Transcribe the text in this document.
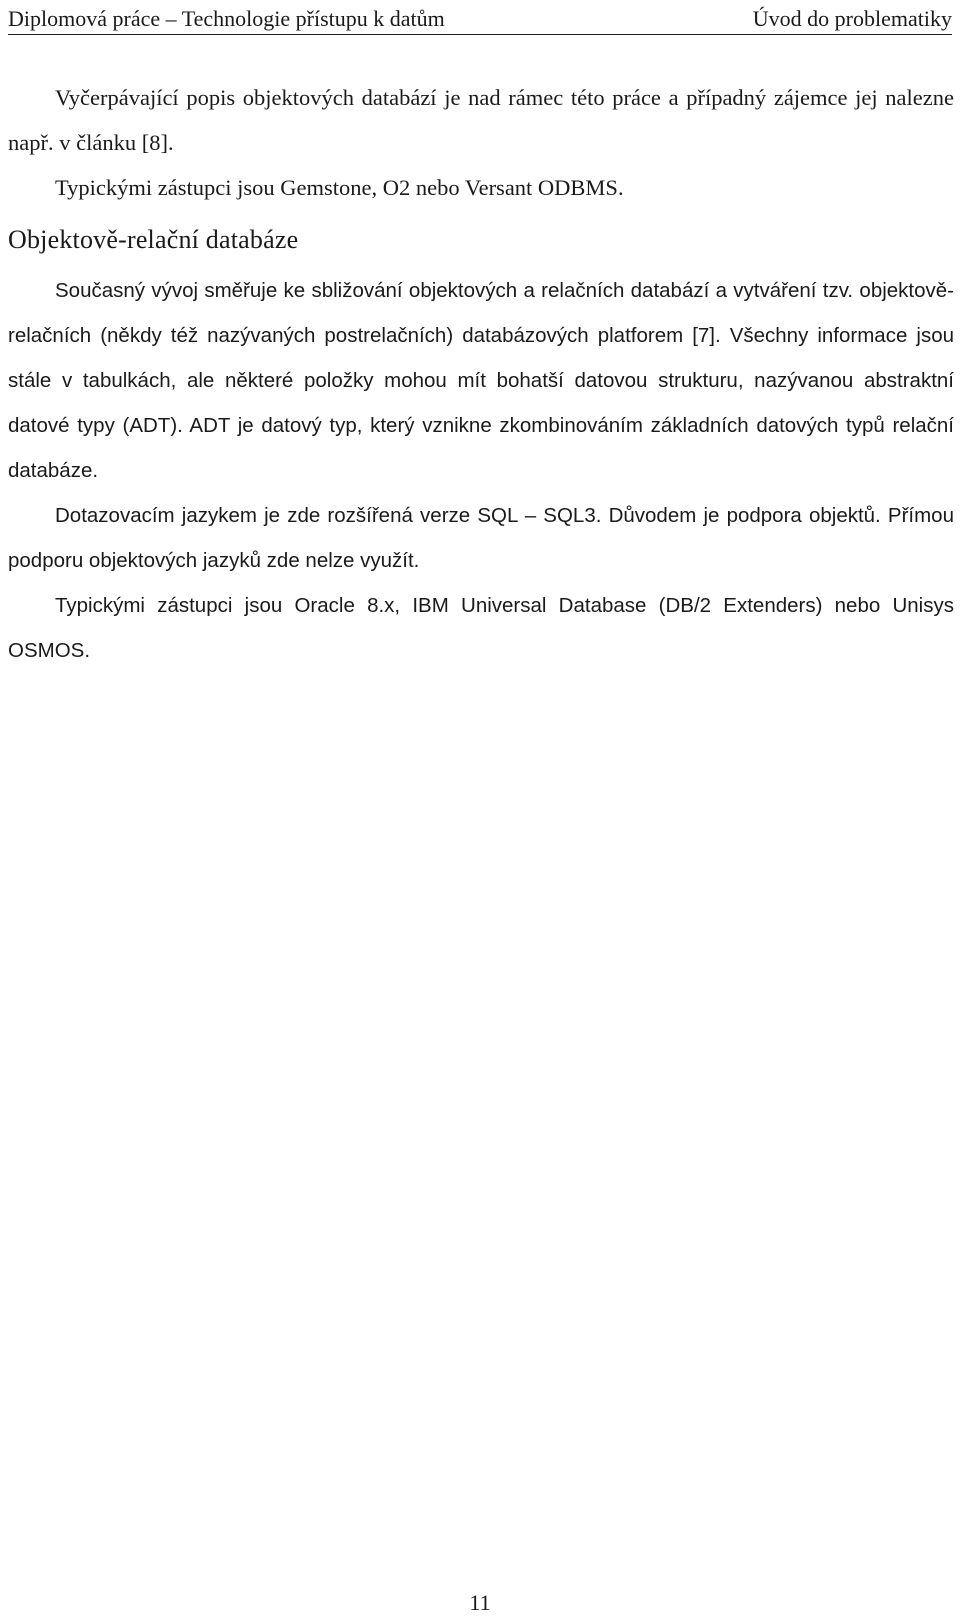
Diplomová práce – Technologie přístupu k datům	Úvod do problematiky

Vyčerpávající popis objektových databází je nad rámec této práce a případný zájemce jej nalezne např. v článku [8].

Typickými zástupci jsou Gemstone, O2 nebo Versant ODBMS.

Objektově-relační databáze

Současný vývoj směřuje ke sbližování objektových a relačních databází a vytváření tzv. objektově-relačních (někdy též nazývaných postrelačních) databázových platforem [7]. Všechny informace jsou stále v tabulkách, ale některé položky mohou mít bohatší datovou strukturu, nazývanou abstraktní datové typy (ADT). ADT je datový typ, který vznikne zkombinováním základních datových typů relační databáze.

Dotazovacím jazykem je zde rozšířená verze SQL – SQL3. Důvodem je podpora objektů. Přímou podporu objektových jazyků zde nelze využít.

Typickými zástupci jsou Oracle 8.x, IBM Universal Database (DB/2 Extenders) nebo Unisys OSMOS.

11
